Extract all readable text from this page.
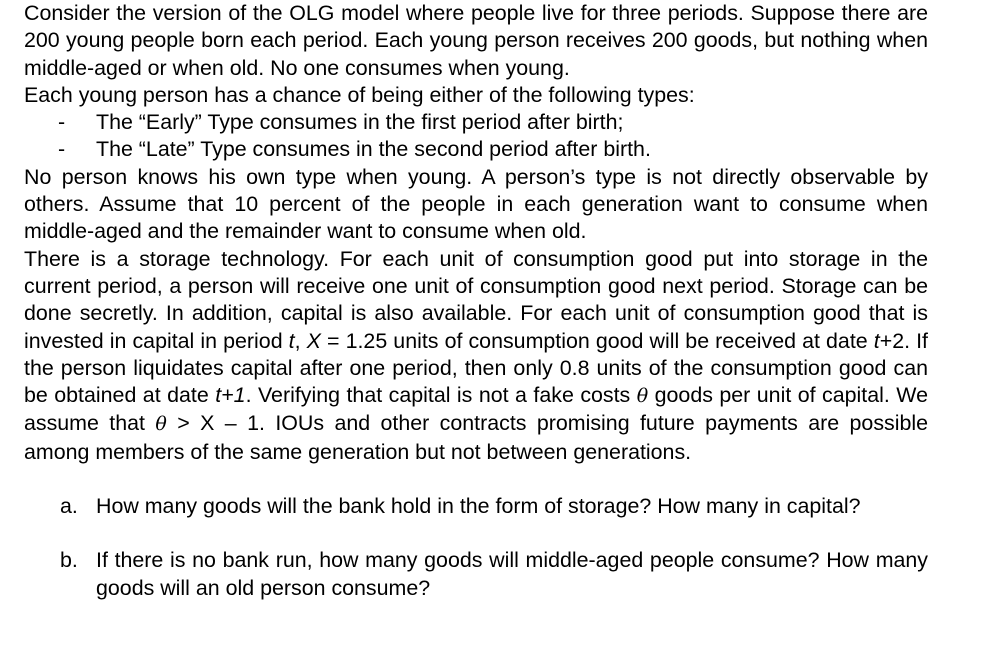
Consider the version of the OLG model where people live for three periods. Suppose there are 200 young people born each period. Each young person receives 200 goods, but nothing when middle-aged or when old. No one consumes when young.

Each young person has a chance of being either of the following types:

- The “Early” Type consumes in the first period after birth;
- The “Late” Type consumes in the second period after birth.

No person knows his own type when young. A person’s type is not directly observable by others. Assume that 10 percent of the people in each generation want to consume when middle-aged and the remainder want to consume when old.

There is a storage technology. For each unit of consumption good put into storage in the current period, a person will receive one unit of consumption good next period. Storage can be done secretly. In addition, capital is also available. For each unit of consumption good that is invested in capital in period t, X = 1.25 units of consumption good will be received at date t+2. If the person liquidates capital after one period, then only 0.8 units of the consumption good can be obtained at date t+1. Verifying that capital is not a fake costs θ goods per unit of capital. We assume that θ > X – 1. IOUs and other contracts promising future payments are possible among members of the same generation but not between generations.

a. How many goods will the bank hold in the form of storage? How many in capital?
b. If there is no bank run, how many goods will middle-aged people consume? How many goods will an old person consume?
